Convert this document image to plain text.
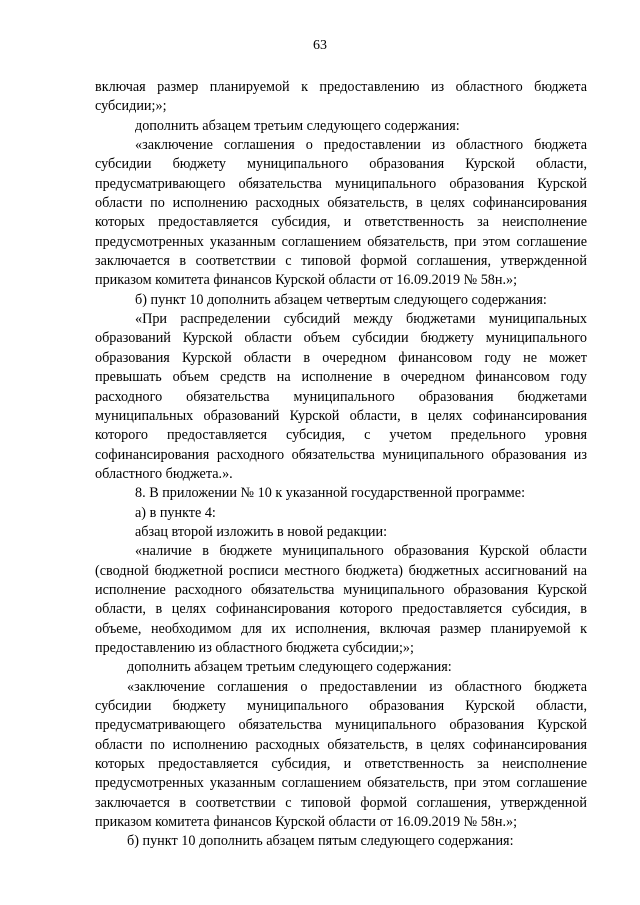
63

включая размер планируемой к предоставлению из областного бюджета субсидии;»;

дополнить абзацем третьим следующего содержания:

«заключение соглашения о предоставлении из областного бюджета субсидии бюджету муниципального образования Курской области, предусматривающего обязательства муниципального образования Курской области по исполнению расходных обязательств, в целях софинансирования которых предоставляется субсидия, и ответственность за неисполнение предусмотренных указанным соглашением обязательств, при этом соглашение заключается в соответствии с типовой формой соглашения, утвержденной приказом комитета финансов Курской области от 16.09.2019 № 58н.»;

б) пункт 10 дополнить абзацем четвертым следующего содержания:

«При распределении субсидий между бюджетами муниципальных образований Курской области объем субсидии бюджету муниципального образования Курской области в очередном финансовом году не может превышать объем средств на исполнение в очередном финансовом году расходного обязательства муниципального образования бюджетами муниципальных образований Курской области, в целях софинансирования которого предоставляется субсидия, с учетом предельного уровня софинансирования расходного обязательства муниципального образования из областного бюджета.».

8. В приложении № 10 к указанной государственной программе:

а) в пункте 4:

абзац второй изложить в новой редакции:

«наличие в бюджете муниципального образования Курской области (сводной бюджетной росписи местного бюджета) бюджетных ассигнований на исполнение расходного обязательства муниципального образования Курской области, в целях софинансирования которого предоставляется субсидия, в объеме, необходимом для их исполнения, включая размер планируемой к предоставлению из областного бюджета субсидии;»;

дополнить абзацем третьим следующего содержания:

«заключение соглашения о предоставлении из областного бюджета субсидии бюджету муниципального образования Курской области, предусматривающего обязательства муниципального образования Курской области по исполнению расходных обязательств, в целях софинансирования которых предоставляется субсидия, и ответственность за неисполнение предусмотренных указанным соглашением обязательств, при этом соглашение заключается в соответствии с типовой формой соглашения, утвержденной приказом комитета финансов Курской области от 16.09.2019 № 58н.»;

б) пункт 10 дополнить абзацем пятым следующего содержания:
